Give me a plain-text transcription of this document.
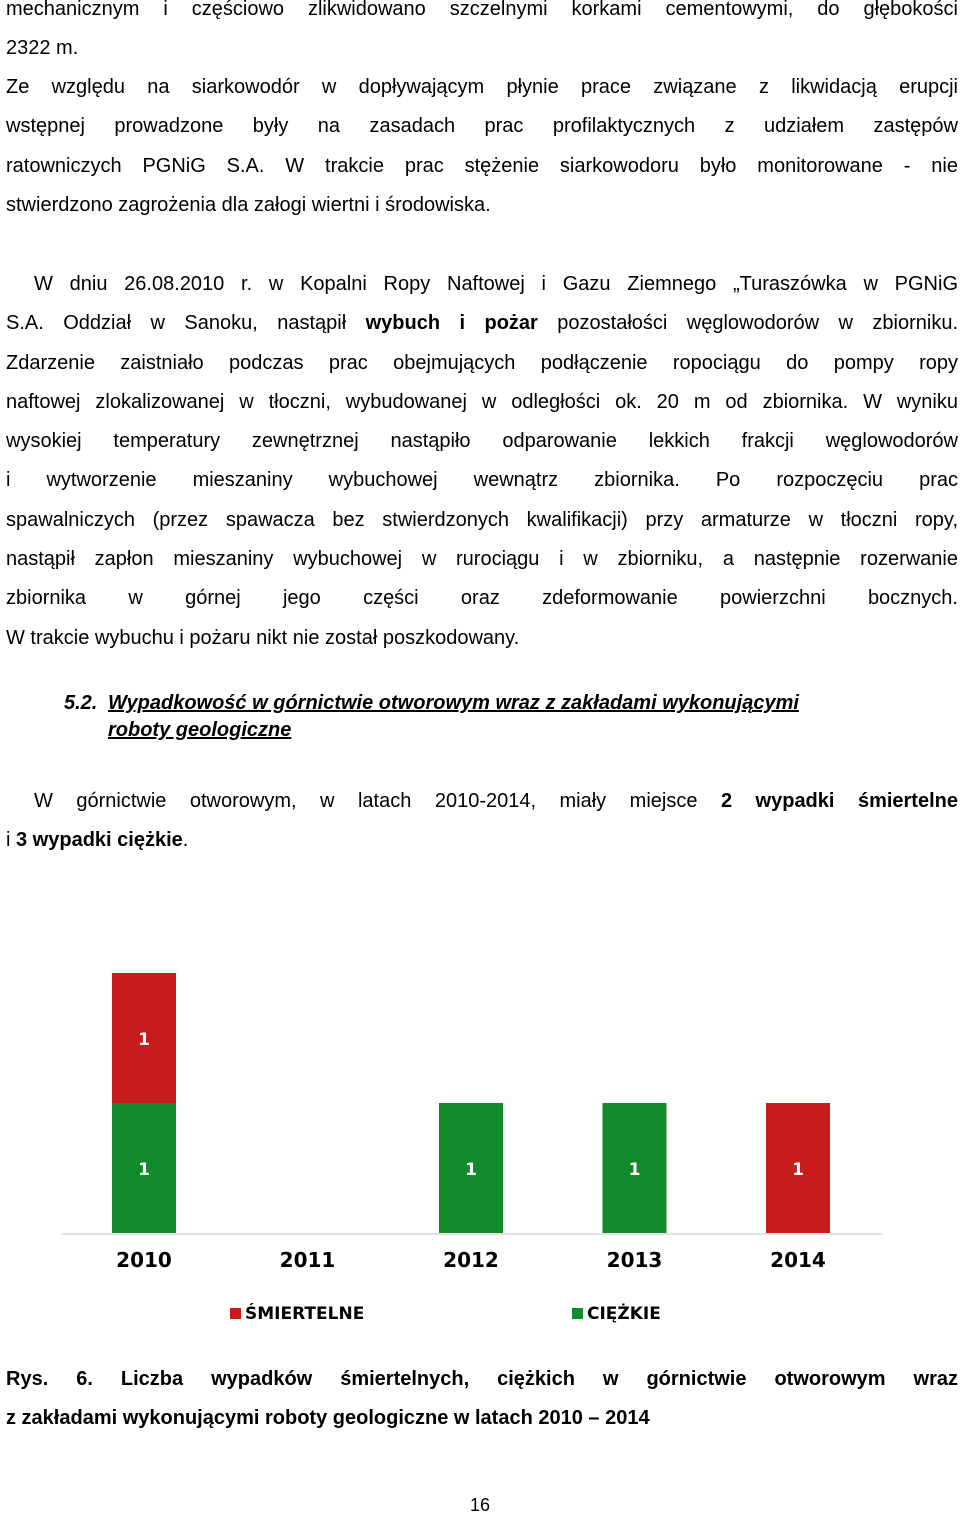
mechanicznym i częściowo zlikwidowano szczelnymi korkami cementowymi, do głębokości
2322 m.
Ze względu na siarkowodór w dopływającym płynie prace związane z likwidacją erupcji
wstępnej prowadzone były na zasadach prac profilaktycznych z udziałem zastępów
ratowniczych PGNiG S.A. W trakcie prac stężenie siarkowodoru było monitorowane - nie
stwierdzono zagrożenia dla załogi wiertni i środowiska.
W dniu 26.08.2010 r. w Kopalni Ropy Naftowej i Gazu Ziemnego „Turaszówka w PGNiG
S.A. Oddział w Sanoku, nastąpił wybuch i pożar pozostałości węglowodorów w zbiorniku.
Zdarzenie zaistniało podczas prac obejmujących podłączenie ropociągu do pompy ropy
naftowej zlokalizowanej w tłoczni, wybudowanej w odległości ok. 20 m od zbiornika. W wyniku
wysokiej temperatury zewnętrznej nastąpiło odparowanie lekkich frakcji węglowodorów
i wytworzenie mieszaniny wybuchowej wewnątrz zbiornika. Po rozpoczęciu prac
spawalniczych (przez spawacza bez stwierdzonych kwalifikacji) przy armaturze w tłoczni ropy,
nastąpił zapłon mieszaniny wybuchowej w rurociągu i w zbiorniku, a następnie rozerwanie
zbiornika w górnej jego części oraz zdeformowanie powierzchni bocznych.
W trakcie wybuchu i pożaru nikt nie został poszkodowany.
5.2. Wypadkowość w górnictwie otworowym wraz z zakładami wykonującymi
roboty geologiczne
W górnictwie otworowym, w latach 2010-2014, miały miejsce 2 wypadki śmiertelne
i 3 wypadki ciężkie.
1
1
2010	2011
1
2012
1
2013
1
2014
ŚMIERTELNE	CIĘŻKIE
Rys. 6. Liczba wypadków śmiertelnych, ciężkich w górnictwie otworowym wraz
z zakładami wykonującymi roboty geologiczne w latach 2010 – 2014
16
